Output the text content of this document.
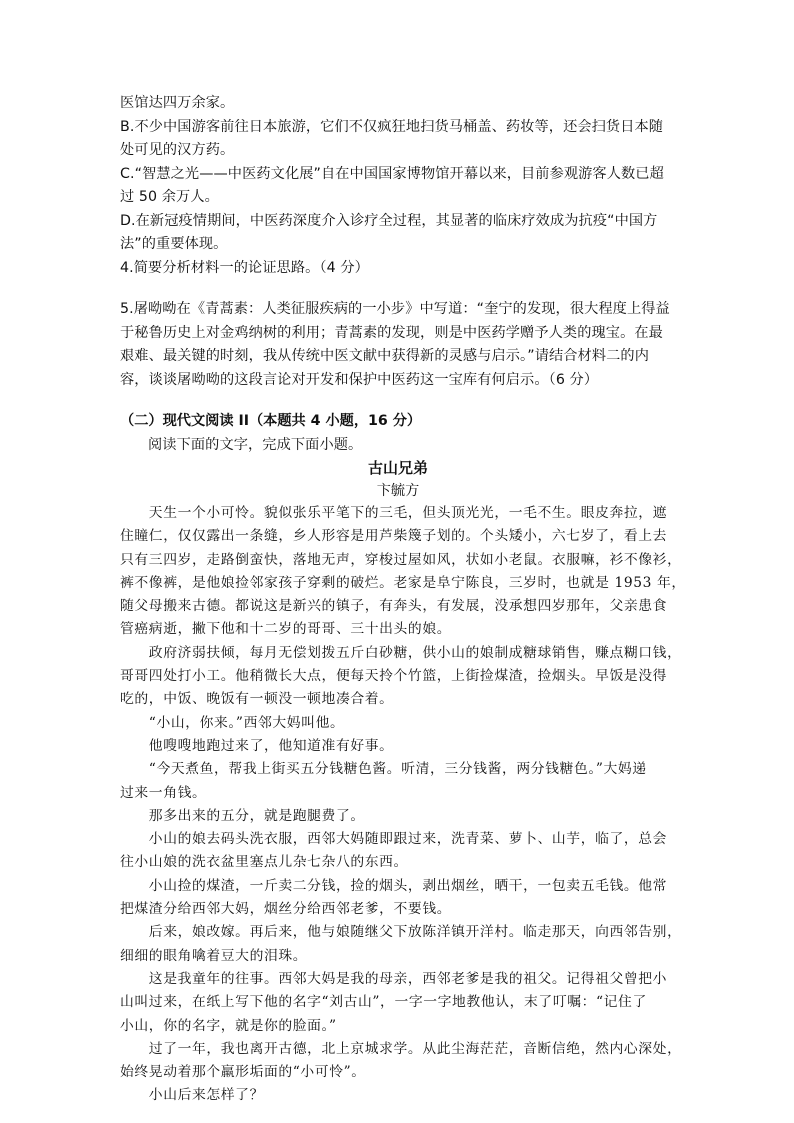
医馆达四万余家。
B.不少中国游客前往日本旅游，它们不仅疯狂地扫货马桶盖、药妆等，还会扫货日本随
处可见的汉方药。
C.“智慧之光——中医药文化展”自在中国国家博物馆开幕以来，目前参观游客人数已超
过 50 余万人。
D.在新冠疫情期间，中医药深度介入诊疗全过程，其显著的临床疗效成为抗疫“中国方
法”的重要体现。
4.简要分析材料一的论证思路。（4 分）
5.屠呦呦在《青蒿素：人类征服疾病的一小步》中写道：“奎宁的发现，很大程度上得益
于秘鲁历史上对金鸡纳树的利用；青蒿素的发现，则是中医药学赠予人类的瑰宝。在最
艰难、最关键的时刻，我从传统中医文献中获得新的灵感与启示。”请结合材料二的内
容，谈谈屠呦呦的这段言论对开发和保护中医药这一宝库有何启示。（6 分）
（二）现代文阅读 II（本题共 4 小题，16 分）
阅读下面的文字，完成下面小题。
古山兄弟
卞毓方
　　天生一个小可怜。貌似张乐平笔下的三毛，但头顶光光，一毛不生。眼皮奔拉，遮
住瞳仁，仅仅露出一条缝，乡人形容是用芦柴篾子划的。个头矮小，六七岁了，看上去
只有三四岁，走路倒蛮快，落地无声，穿梭过屋如风，状如小老鼠。衣服嘛，衫不像衫，
裤不像裤，是他娘捡邻家孩子穿剩的破烂。老家是阜宁陈良，三岁时，也就是 1953 年，
随父母搬来古德。都说这是新兴的镇子，有奔头，有发展，没承想四岁那年，父亲患食
管癌病逝，撇下他和十二岁的哥哥、三十出头的娘。
　　政府济弱扶倾，每月无偿划拨五斤白砂糖，供小山的娘制成糖球销售，赚点糊口钱，
哥哥四处打小工。他稍微长大点，便每天拎个竹篮，上街捡煤渣，捡烟头。早饭是没得
吃的，中饭、晚饭有一顿没一顿地凑合着。
　　“小山，你来。”西邻大妈叫他。
　　他嗖嗖地跑过来了，他知道准有好事。
　　“今天煮鱼，帮我上街买五分钱糖色酱。听清，三分钱酱，两分钱糖色。”大妈递
过来一角钱。
　　那多出来的五分，就是跑腿费了。
　　小山的娘去码头洗衣服，西邻大妈随即跟过来，洗青菜、萝卜、山芋，临了，总会
往小山娘的洗衣盆里塞点儿杂七杂八的东西。
　　小山捡的煤渣，一斤卖二分钱，捡的烟头，剥出烟丝，晒干，一包卖五毛钱。他常
把煤渣分给西邻大妈，烟丝分给西邻老爹，不要钱。
　　后来，娘改嫁。再后来，他与娘随继父下放陈洋镇开洋村。临走那天，向西邻告别，
细细的眼角噙着豆大的泪珠。
　　这是我童年的往事。西邻大妈是我的母亲，西邻老爹是我的祖父。记得祖父曾把小
山叫过来，在纸上写下他的名字“刘古山”，一字一字地教他认，末了叮嘱：“记住了
小山，你的名字，就是你的脸面。”
　　过了一年，我也离开古德，北上京城求学。从此尘海茫茫，音断信绝，然内心深处，
始终晃动着那个羸形垢面的“小可怜”。
　　小山后来怎样了？
